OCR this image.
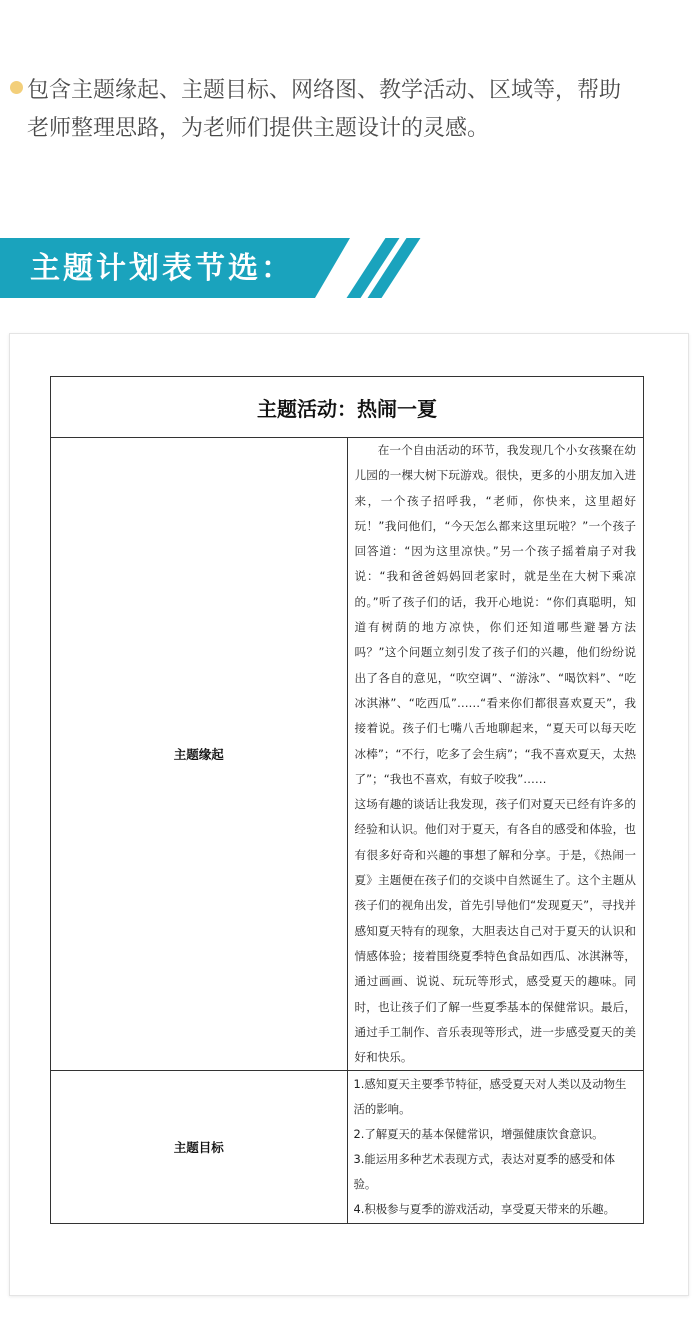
包含主题缘起、主题目标、网络图、教学活动、区域等，帮助
老师整理思路，为老师们提供主题设计的灵感。
主题计划表节选：
主题活动：热闹一夏	
主题缘起	在一个自由活动的环节，我发现几个小女孩聚在幼儿园的一棵大树下玩游戏。很快，更多的小朋友加入进来，一个孩子招呼我，“老师，你快来，这里超好玩！”我问他们，“今天怎么都来这里玩啦？”一个孩子回答道：“因为这里凉快。”另一个孩子摇着扇子对我说：“我和爸爸妈妈回老家时，就是坐在大树下乘凉的。”听了孩子们的话，我开心地说：“你们真聪明，知道有树荫的地方凉快，你们还知道哪些避暑方法吗？”这个问题立刻引发了孩子们的兴趣，他们纷纷说出了各自的意见，“吹空调”、“游泳”、“喝饮料”、“吃冰淇淋”、“吃西瓜”……“看来你们都很喜欢夏天”，我接着说。孩子们七嘴八舌地聊起来，“夏天可以每天吃冰棒”；“不行，吃多了会生病”；“我不喜欢夏天，太热了”；“我也不喜欢，有蚊子咬我”……

这场有趣的谈话让我发现，孩子们对夏天已经有许多的经验和认识。他们对于夏天，有各自的感受和体验，也有很多好奇和兴趣的事想了解和分享。于是，《热闹一夏》主题便在孩子们的交谈中自然诞生了。这个主题从孩子们的视角出发，首先引导他们“发现夏天”，寻找并感知夏天特有的现象，大胆表达自己对于夏天的认识和情感体验；接着围绕夏季特色食品如西瓜、冰淇淋等，通过画画、说说、玩玩等形式，感受夏天的趣味。同时，也让孩子们了解一些夏季基本的保健常识。最后，通过手工制作、音乐表现等形式，进一步感受夏天的美好和快乐。

主题目标	1.感知夏天主要季节特征，感受夏天对人类以及动物生活的影响。

2.了解夏天的基本保健常识，增强健康饮食意识。

3.能运用多种艺术表现方式，表达对夏季的感受和体验。

4.积极参与夏季的游戏活动，享受夏天带来的乐趣。
